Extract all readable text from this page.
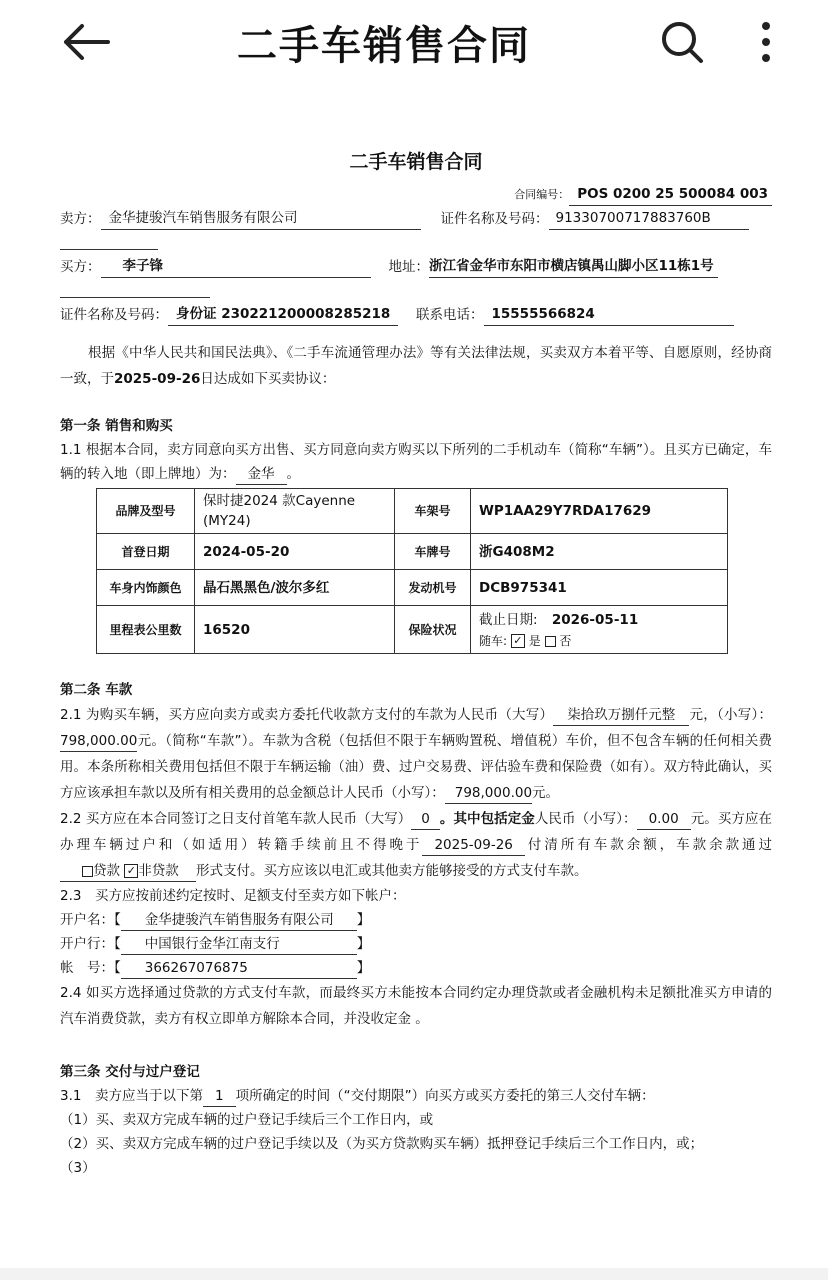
二手车销售合同
二手车销售合同
合同编号： POS 0200 25 500084 003
卖方： 金华捷骏汽车销售服务有限公司	证件名称及号码： 91330700717883760B
买方：	李子锋	地址： 浙江省金华市东阳市横店镇禺山脚小区11栋1号
证件名称及号码： 身份证 230221200008285218	联系电话： 15555566824

根据《中华人民共和国民法典》、《二手车流通管理办法》等有关法律法规，买卖双方本着平等、自愿原则，经协商一致，于2025-09-26日达成如下买卖协议：

第一条 销售和购买

1.1 根据本合同，卖方同意向买方出售、买方同意向卖方购买以下所列的二手机动车（简称“车辆”）。且买方已确定，车辆的转入地（即上牌地）为： 金华 。

品牌及型号	保时捷2024 款Cayenne (MY24)	车架号	WP1AA29Y7RDA17629
首登日期	2024-05-20	车牌号	浙G408M2
车身内饰颜色	晶石黑黑色/波尔多红	发动机号	DCB975341
里程表公里数	16520	保险状况	截止日期: 2026-05-11
随车: ✓ 是 否
第二条 车款

2.1 为购买车辆，买方应向卖方或卖方委托代收款方支付的车款为人民币（大写） 柒拾玖万捌仟元整 元，（小写）：798,000.00元。（简称“车款”）。车款为含税（包括但不限于车辆购置税、增值税）车价，但不包含车辆的任何相关费用。本条所称相关费用包括但不限于车辆运输（油）费、过户交易费、评估验车费和保险费（如有）。双方特此确认，买方应该承担车款以及所有相关费用的总金额总计人民币（小写）： 798,000.00元。

2.2 买方应在本合同签订之日支付首笔车款人民币（大写） 0 。其中包括定金人民币（小写）： 0.00 元。买方应在办理车辆过户和（如适用）转籍手续前且不得晚于 2025-09-26 付清所有车款余额，车款余款通过贷款 ✓ 非贷款 形式支付。买方应该以电汇或其他卖方能够接受的方式支付车款。

2.3　买方应按前述约定按时、足额支付至卖方如下帐户：
开户名：【 金华捷骏汽车销售服务有限公司 】
开户行：【 中国银行金华江南支行	】
帐　号：【 366267076875	】

2.4 如买方选择通过贷款的方式支付车款，而最终买方未能按本合同约定办理贷款或者金融机构未足额批准买方申请的汽车消费贷款，卖方有权立即单方解除本合同，并没收定金 。

第三条 交付与过户登记
3.1　卖方应当于以下第 1 项所确定的时间（“交付期限”）向买方或买方委托的第三人交付车辆：
（1）买、卖双方完成车辆的过户登记手续后三个工作日内，或
（2）买、卖双方完成车辆的过户登记手续以及（为买方贷款购买车辆）抵押登记手续后三个工作日内，或；
（3）
